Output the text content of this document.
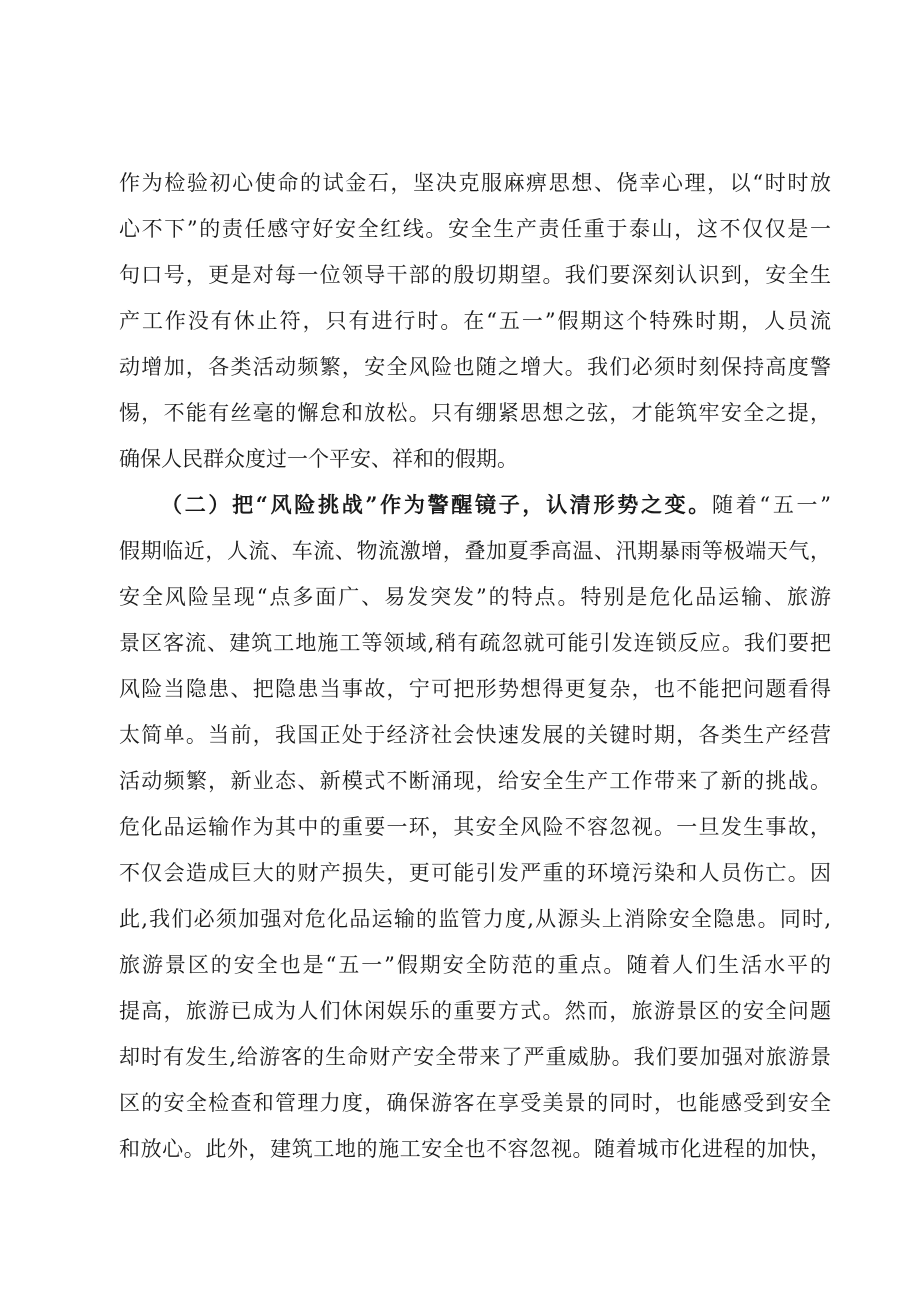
作为检验初心使命的试金石，坚决克服麻痹思想、侥幸心理，以“时时放
心不下”的责任感守好安全红线。安全生产责任重于泰山，这不仅仅是一
句口号，更是对每一位领导干部的殷切期望。我们要深刻认识到，安全生
产工作没有休止符，只有进行时。在“五一”假期这个特殊时期，人员流
动增加，各类活动频繁，安全风险也随之增大。我们必须时刻保持高度警
惕，不能有丝毫的懈怠和放松。只有绷紧思想之弦，才能筑牢安全之提，
确保人民群众度过一个平安、祥和的假期。
（二）把“风险挑战”作为警醒镜子，认清形势之变。随着“五一”
假期临近，人流、车流、物流激增，叠加夏季高温、汛期暴雨等极端天气，
安全风险呈现“点多面广、易发突发”的特点。特别是危化品运输、旅游
景区客流、建筑工地施工等领域,稍有疏忽就可能引发连锁反应。我们要把
风险当隐患、把隐患当事故，宁可把形势想得更复杂，也不能把问题看得
太简单。当前，我国正处于经济社会快速发展的关键时期，各类生产经营
活动频繁，新业态、新模式不断涌现，给安全生产工作带来了新的挑战。
危化品运输作为其中的重要一环，其安全风险不容忽视。一旦发生事故，
不仅会造成巨大的财产损失，更可能引发严重的环境污染和人员伤亡。因
此,我们必须加强对危化品运输的监管力度,从源头上消除安全隐患。同时,
旅游景区的安全也是“五一”假期安全防范的重点。随着人们生活水平的
提高，旅游已成为人们休闲娱乐的重要方式。然而，旅游景区的安全问题
却时有发生,给游客的生命财产安全带来了严重威胁。我们要加强对旅游景
区的安全检查和管理力度，确保游客在享受美景的同时，也能感受到安全
和放心。此外，建筑工地的施工安全也不容忽视。随着城市化进程的加快，
